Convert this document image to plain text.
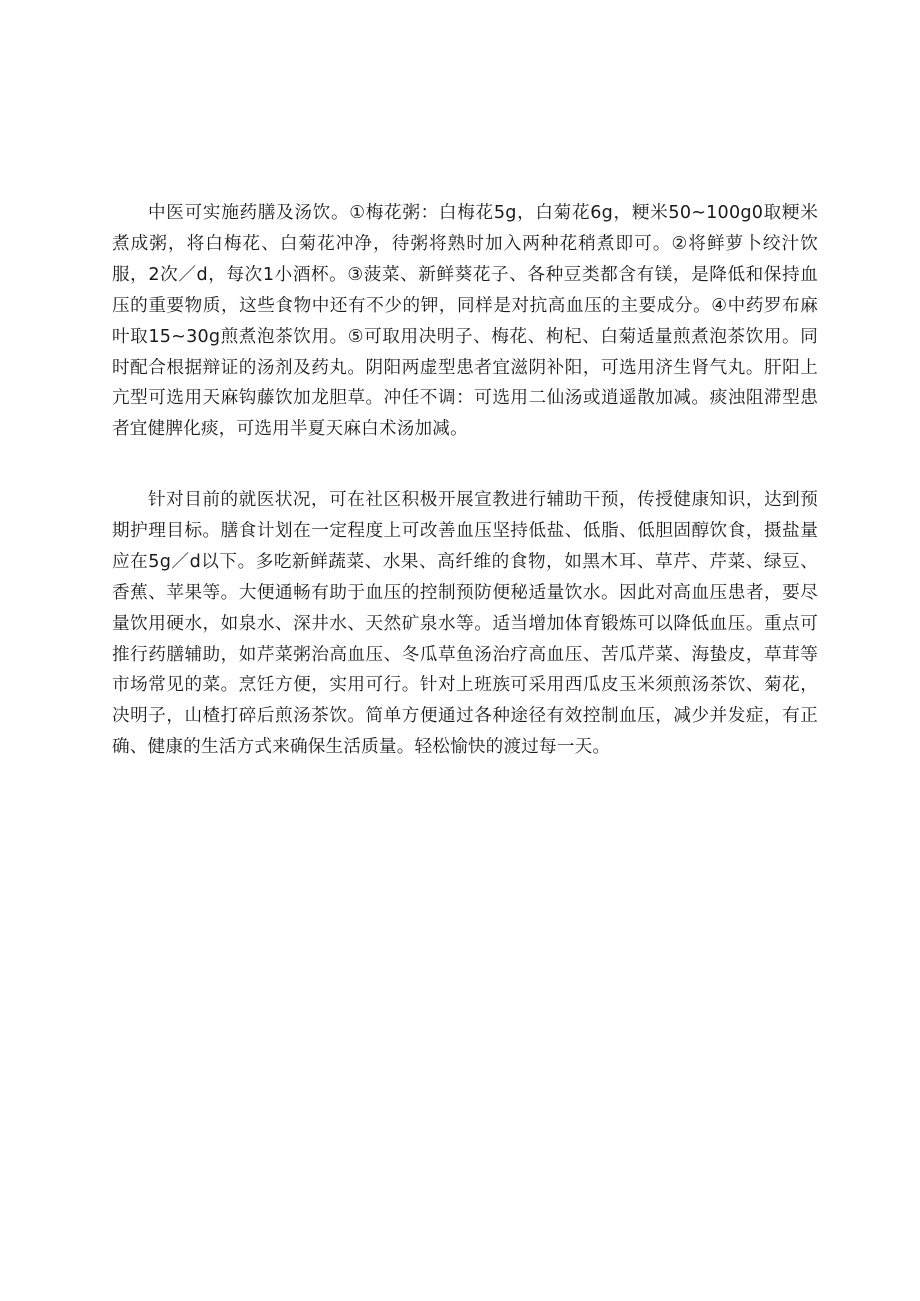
中医可实施药膳及汤饮。①梅花粥：白梅花5g，白菊花6g，粳米50~100g0取粳米煮成粥，将白梅花、白菊花冲净，待粥将熟时加入两种花稍煮即可。②将鲜萝卜绞汁饮服，2次／d，每次1小酒杯。③菠菜、新鲜葵花子、各种豆类都含有镁，是降低和保持血压的重要物质，这些食物中还有不少的钾，同样是对抗高血压的主要成分。④中药罗布麻叶取15~30g煎煮泡茶饮用。⑤可取用决明子、梅花、枸杞、白菊适量煎煮泡茶饮用。同时配合根据辩证的汤剂及药丸。阴阳两虚型患者宜滋阴补阳，可选用济生肾气丸。肝阳上亢型可选用天麻钩藤饮加龙胆草。冲任不调：可选用二仙汤或逍遥散加减。痰浊阻滞型患者宜健脾化痰，可选用半夏天麻白术汤加减。

针对目前的就医状况，可在社区积极开展宣教进行辅助干预，传授健康知识，达到预期护理目标。膳食计划在一定程度上可改善血压坚持低盐、低脂、低胆固醇饮食，摄盐量应在5g／d以下。多吃新鲜蔬菜、水果、高纤维的食物，如黑木耳、草芹、芹菜、绿豆、香蕉、苹果等。大便通畅有助于血压的控制预防便秘适量饮水。因此对高血压患者，要尽量饮用硬水，如泉水、深井水、天然矿泉水等。适当增加体育锻炼可以降低血压。重点可推行药膳辅助，如芹菜粥治高血压、冬瓜草鱼汤治疗高血压、苦瓜芹菜、海蛰皮，草茸等市场常见的菜。烹饪方便，实用可行。针对上班族可采用西瓜皮玉米须煎汤茶饮、菊花，决明子，山楂打碎后煎汤茶饮。简单方便通过各种途径有效控制血压，减少并发症，有正确、健康的生活方式来确保生活质量。轻松愉快的渡过每一天。
